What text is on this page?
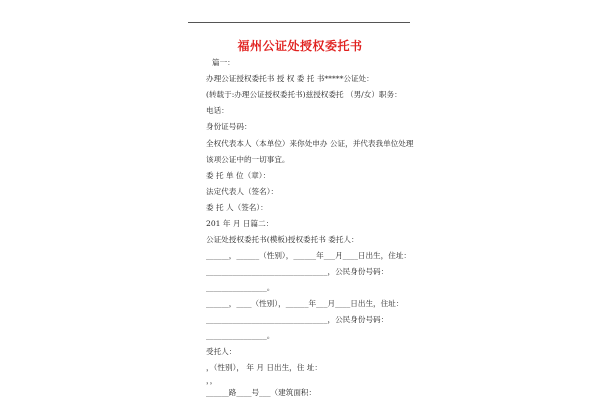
福州公证处授权委托书
篇一：
办理公证授权委托书 授 权 委 托 书*****公证处：
(转载于:办理公证授权委托书)兹授权委托 （男/女）职务：
电话：
身份证号码：
全权代表本人（本单位）来你处申办 公证，并代表我单位处理
该项公证中的一切事宜。
委 托 单 位（章）：
法定代表人（签名）：
委 托 人（签名）：
201 年 月 日篇二：
公证处授权委托书(模板)授权委托书 委托人：
______，______（性别），______年___月____日出生，住址：
________________________________，公民身份号码：
________________。
______，____（性别），______年___月____日出生，住址：
________________________________，公民身份号码：
________________。
受托人：
，（性别）， 年 月 日出生，住 址：
，，
______路____号___（建筑面积：
